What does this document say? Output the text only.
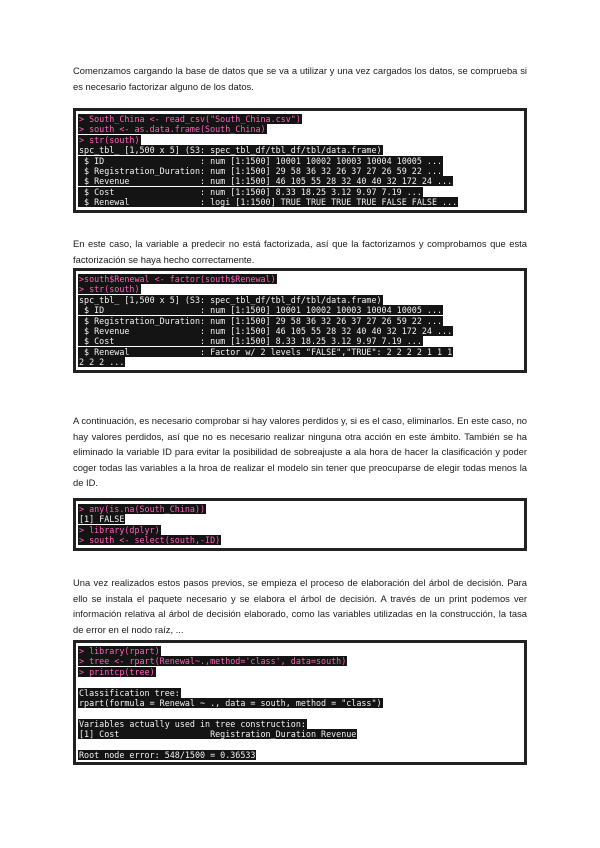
Comenzamos cargando la base de datos que se va a utilizar y una vez cargados los datos, se comprueba si es necesario factorizar alguno de los datos.

> South_China <- read_csv("South_China.csv")
> south <- as.data.frame(South_China)
> str(south)
spc_tbl_ [1,500 x 5] (S3: spec_tbl_df/tbl_df/tbl/data.frame)
$ ID                   : num [1:1500] 10001 10002 10003 10004 10005 ...
$ Registration_Duration: num [1:1500] 29 58 36 32 26 37 27 26 59 22 ...
$ Revenue              : num [1:1500] 46 105 55 28 32 40 40 32 172 24 ...
$ Cost                 : num [1:1500] 8.33 18.25 3.12 9.97 7.19 ...
$ Renewal              : logi [1:1500] TRUE TRUE TRUE TRUE FALSE FALSE ...

En este caso, la variable a predecir no está factorizada, así que la factorizamos y comprobamos que esta factorización se haya hecho correctamente.

>south$Renewal <- factor(south$Renewal)
> str(south)
spc_tbl_ [1,500 x 5] (S3: spec_tbl_df/tbl_df/tbl/data.frame)
$ ID                   : num [1:1500] 10001 10002 10003 10004 10005 ...
$ Registration_Duration: num [1:1500] 29 58 36 32 26 37 27 26 59 22 ...
$ Revenue              : num [1:1500] 46 105 55 28 32 40 40 32 172 24 ...
$ Cost                 : num [1:1500] 8.33 18.25 3.12 9.97 7.19 ...
$ Renewal              : Factor w/ 2 levels "FALSE","TRUE": 2 2 2 2 1 1 1
2 2 2 ...

A continuación, es necesario comprobar si hay valores perdidos y, si es el caso, eliminarlos. En este caso, no hay valores perdidos, así que no es necesario realizar ninguna otra acción en este ámbito. También se ha eliminado la variable ID para evitar la posibilidad de sobreajuste a ala hora de hacer la clasificación y poder coger todas las variables a la hroa de realizar el modelo sin tener que preocuparse de elegir todas menos la de ID.

> any(is.na(South_China))
[1] FALSE
> library(dplyr)
> south <- select(south,-ID)

Una vez realizados estos pasos previos, se empieza el proceso de elaboración del árbol de decisión. Para ello se instala el paquete necesario y se elabora el árbol de decisión. A través de un print podemos ver información relativa al árbol de decisión elaborado, como las variables utilizadas en la construcción, la tasa de error en el nodo raíz, ...

> library(rpart)
> tree <- rpart(Renewal~.,method='class', data=south)
> printcp(tree)
Classification tree:
rpart(formula = Renewal ~ ., data = south, method = "class")
Variables actually used in tree construction:
[1] Cost                  Registration_Duration Revenue
Root node error: 548/1500 = 0.36533
